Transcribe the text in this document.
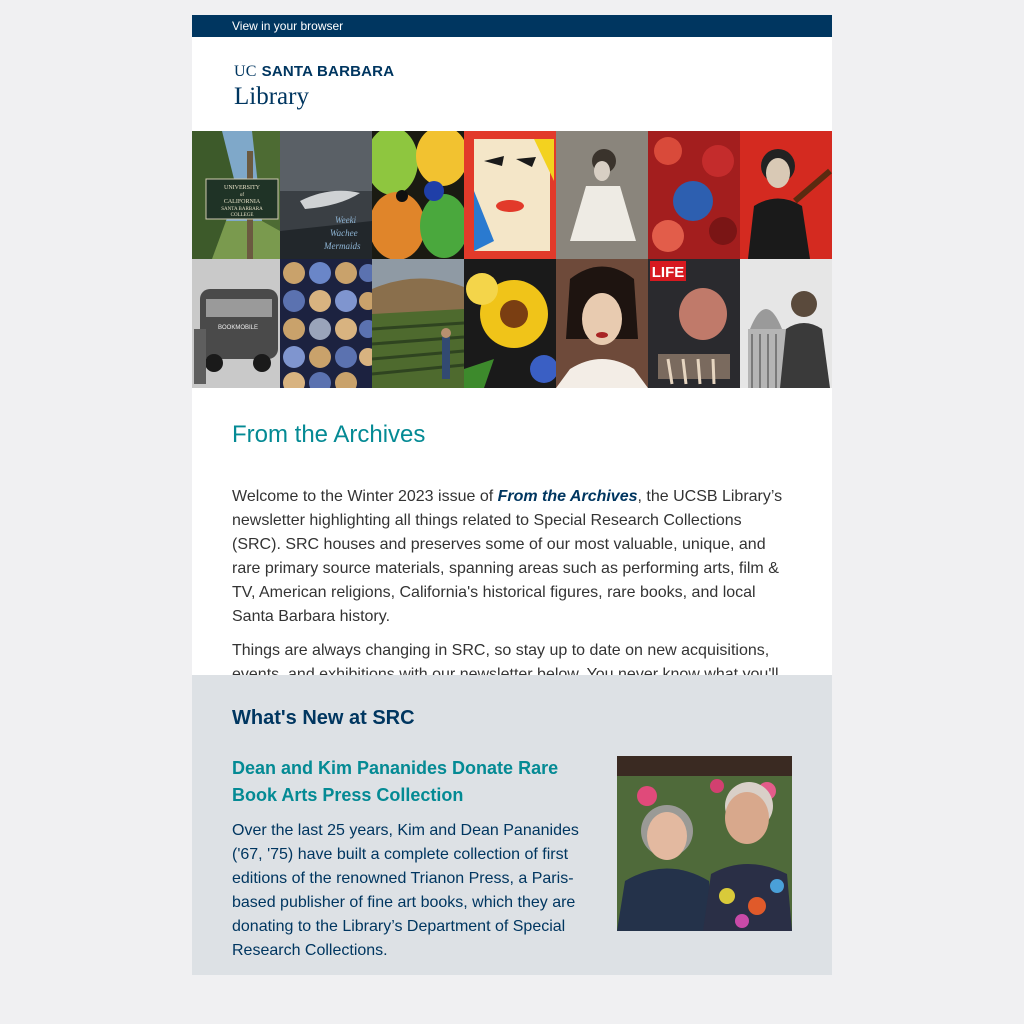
View in your browser
UC SANTA BARBARA
Library
UNIVERSITY
of
CALIFORNIA
SANTA BARBARA
COLLEGE	Weeki
Wachee
Mermaids
BOOKMOBILE
LIFE
From the Archives

Welcome to the Winter 2023 issue of From the Archives, the UCSB Library’s newsletter highlighting all things related to Special Research Collections (SRC). SRC houses and preserves some of our most valuable, unique, and rare primary source materials, spanning areas such as performing arts, film & TV, American religions, California's historical figures, rare books, and local Santa Barbara history.

Things are always changing in SRC, so stay up to date on new acquisitions,

What's New at SRC
Dean and Kim Pananides Donate Rare Book Arts Press Collection

Over the last 25 years, Kim and Dean Pananides ('67, '75) have built a complete collection of first editions of the renowned Trianon Press, a Paris-based publisher of fine art books, which they are donating to the Library’s Department of Special Research Collections.
